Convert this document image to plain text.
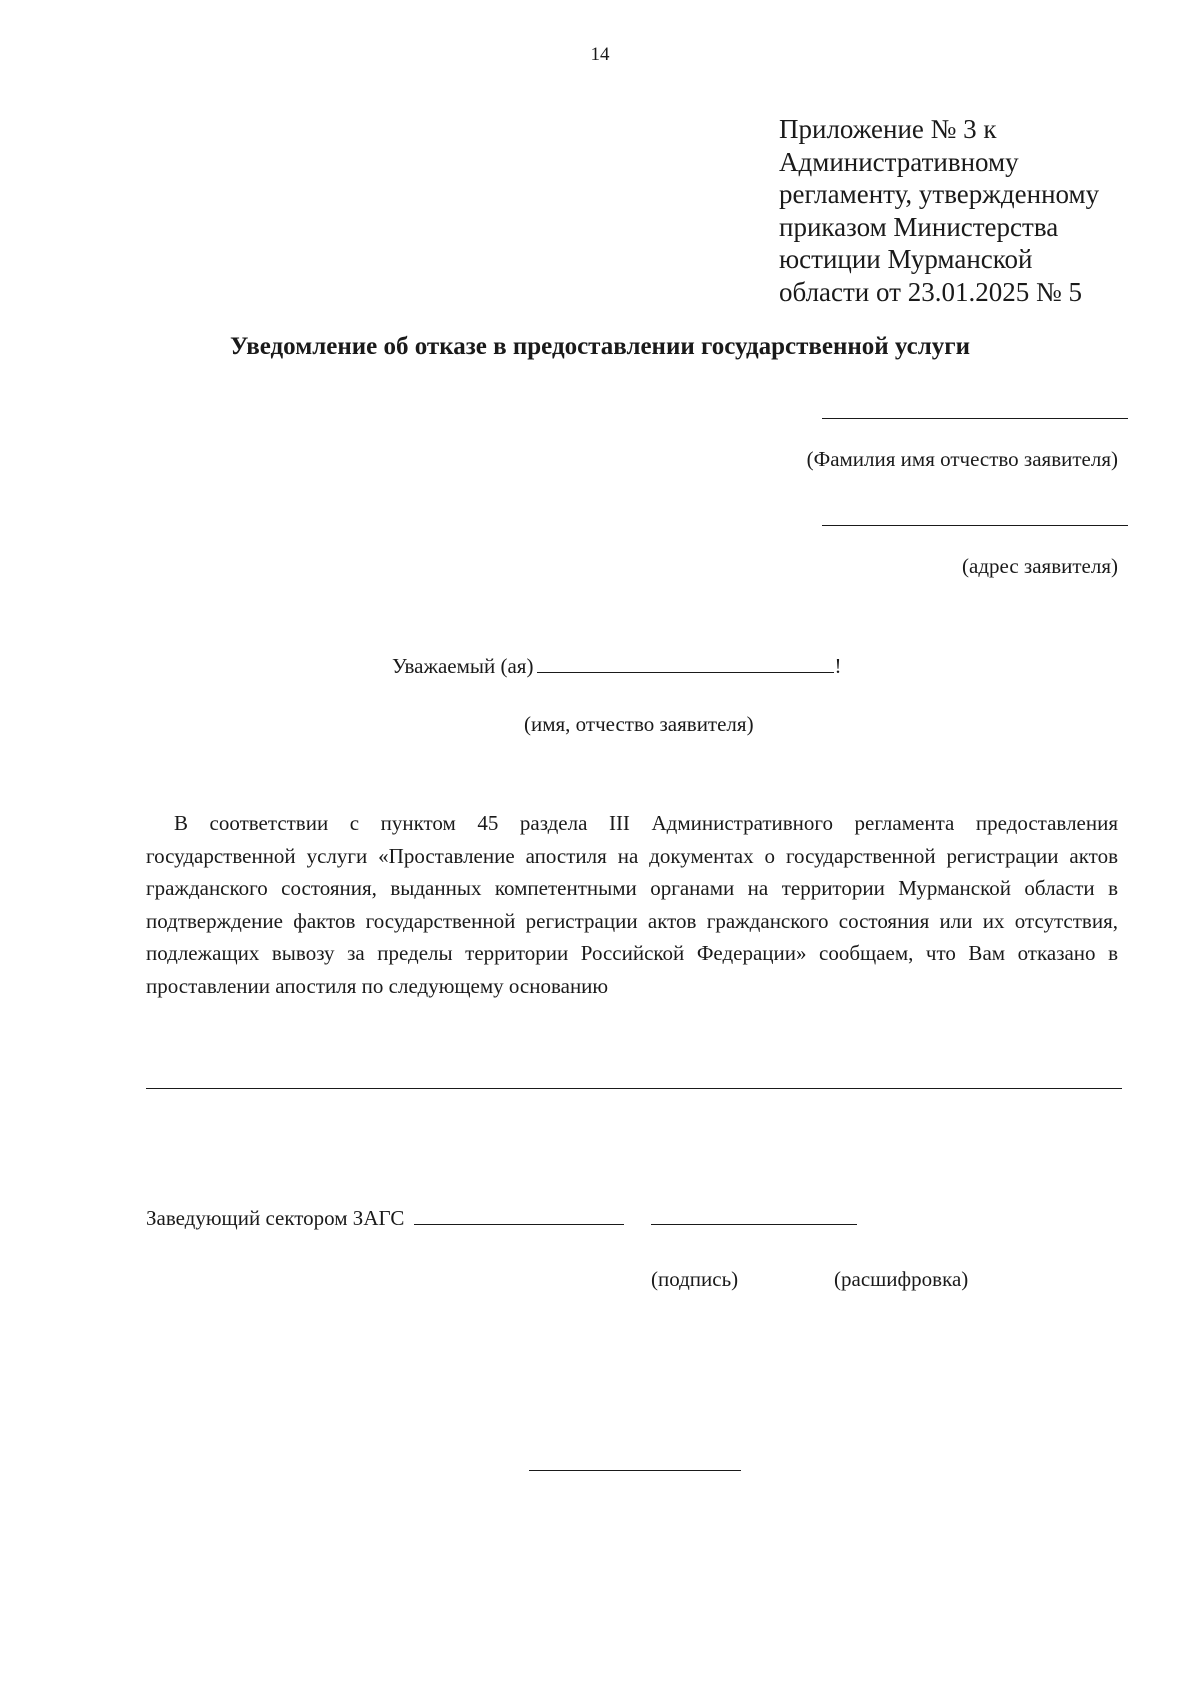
14
Приложение № 3 к
Административному
регламенту, утвержденному
приказом Министерства
юстиции Мурманской
области от 23.01.2025 № 5
Уведомление об отказе в предоставлении государственной услуги
(Фамилия имя отчество заявителя)
(адрес заявителя)
Уважаемый (ая)	!
(имя, отчество заявителя)
В соответствии с пунктом 45 раздела III Административного регламента предоставления государственной услуги «Проставление апостиля на документах о государственной регистрации актов гражданского состояния, выданных компетентными органами на территории Мурманской области в подтверждение фактов государственной регистрации актов гражданского состояния или их отсутствия, подлежащих вывозу за пределы территории Российской Федерации» сообщаем, что Вам отказано в проставлении апостиля по следующему основанию
Заведующий сектором ЗАГС
(подпись)	(расшифровка)
